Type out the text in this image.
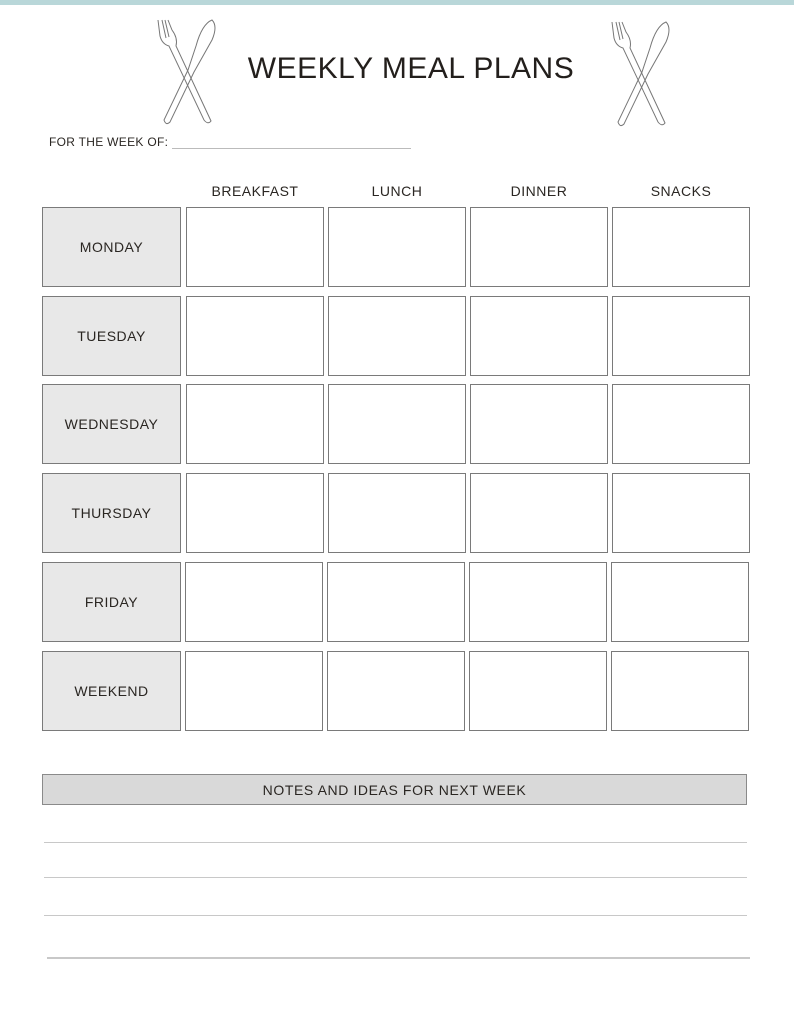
WEEKLY MEAL PLANS
FOR THE WEEK OF:
BREAKFAST	LUNCH	DINNER	SNACKS
MONDAY
TUESDAY
WEDNESDAY
THURSDAY
FRIDAY
WEEKEND
NOTES AND IDEAS FOR NEXT WEEK
